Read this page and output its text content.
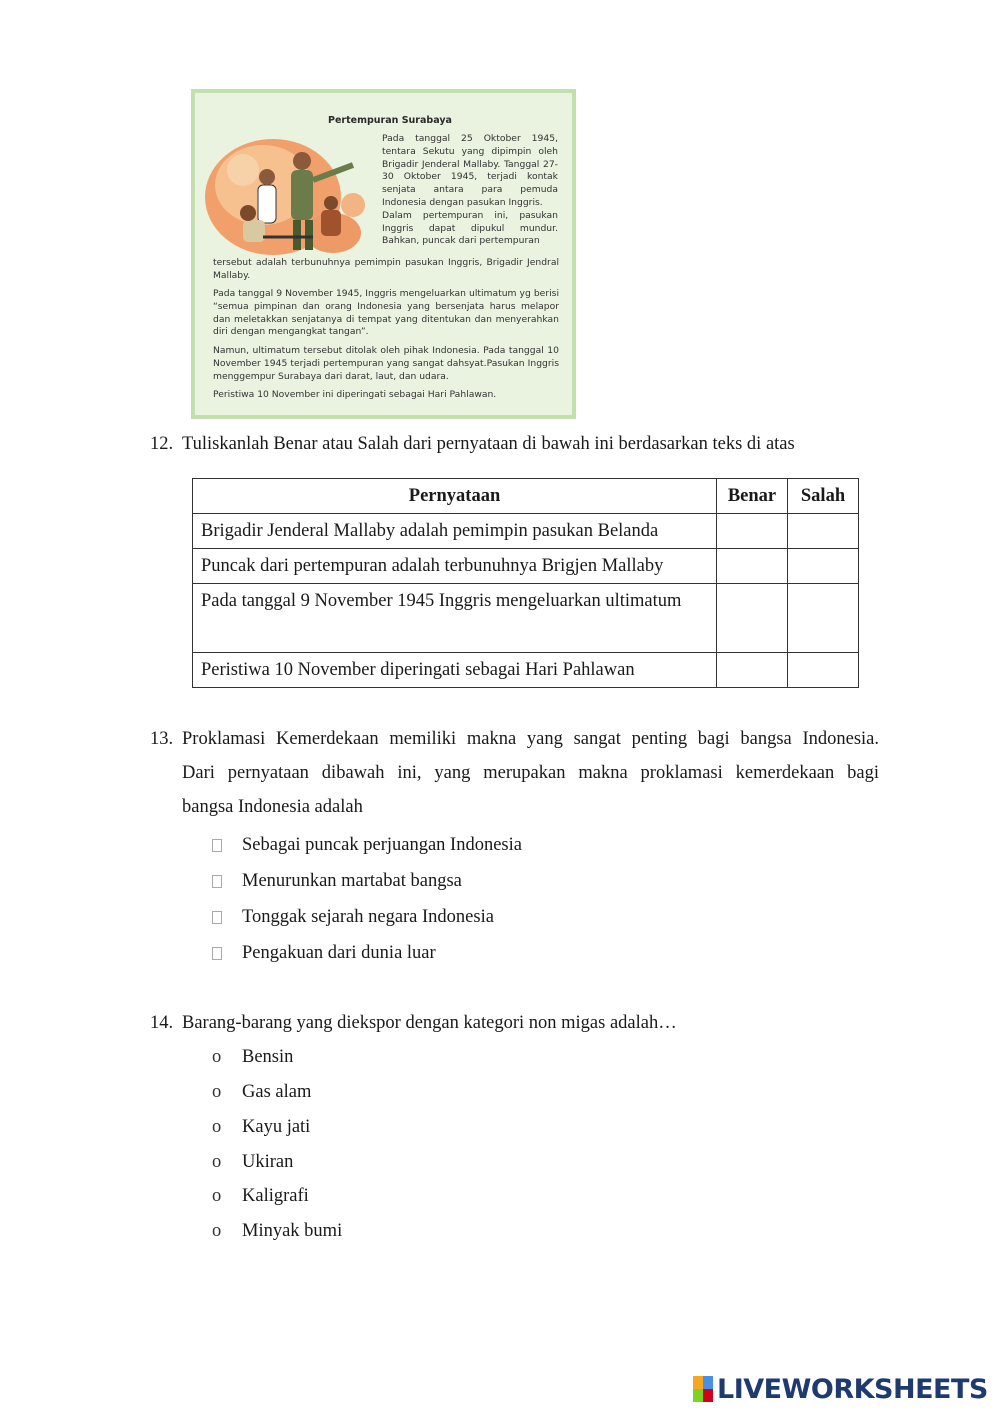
Pertempuran Surabaya

Pada tanggal 25 Oktober 1945, tentara Sekutu yang dipimpin oleh Brigadir Jenderal Mallaby. Tanggal 27-30 Oktober 1945, terjadi kontak senjata antara para pemuda Indonesia dengan pasukan Inggris.
Dalam pertempuran ini, pasukan Inggris dapat dipukul mundur. Bahkan, puncak dari pertempuran

tersebut adalah terbunuhnya pemimpin pasukan Inggris, Brigadir Jendral Mallaby.

Pada tanggal 9 November 1945, Inggris mengeluarkan ultimatum yg berisi “semua pimpinan dan orang Indonesia yang bersenjata harus melapor dan meletakkan senjatanya di tempat yang ditentukan dan menyerahkan diri dengan mengangkat tangan”.

Namun, ultimatum tersebut ditolak oleh pihak Indonesia. Pada tanggal 10 November 1945 terjadi pertempuran yang sangat dahsyat.Pasukan Inggris menggempur Surabaya dari darat, laut, dan udara.

Peristiwa 10 November ini diperingati sebagai Hari Pahlawan.

12. Tuliskanlah Benar atau Salah dari pernyataan di bawah ini berdasarkan teks di atas
Pernyataan	Benar	Salah
Brigadir Jenderal Mallaby adalah pemimpin pasukan Belanda		
Puncak dari pertempuran adalah terbunuhnya Brigjen Mallaby		
Pada tanggal 9 November 1945 Inggris mengeluarkan ultimatum		
Peristiwa 10 November diperingati sebagai Hari Pahlawan		
13. Proklamasi Kemerdekaan memiliki makna yang sangat penting bagi bangsa Indonesia.
Dari pernyataan dibawah ini, yang merupakan makna proklamasi kemerdekaan bagi
bangsa Indonesia adalah
Sebagai puncak perjuangan Indonesia
Menurunkan martabat bangsa
Tonggak sejarah negara Indonesia
Pengakuan dari dunia luar
14. Barang-barang yang diekspor dengan kategori non migas adalah…
o	Bensin
o	Gas alam
o	Kayu jati
o	Ukiran
o	Kaligrafi
o	Minyak bumi
LIVEWORKSHEETS
